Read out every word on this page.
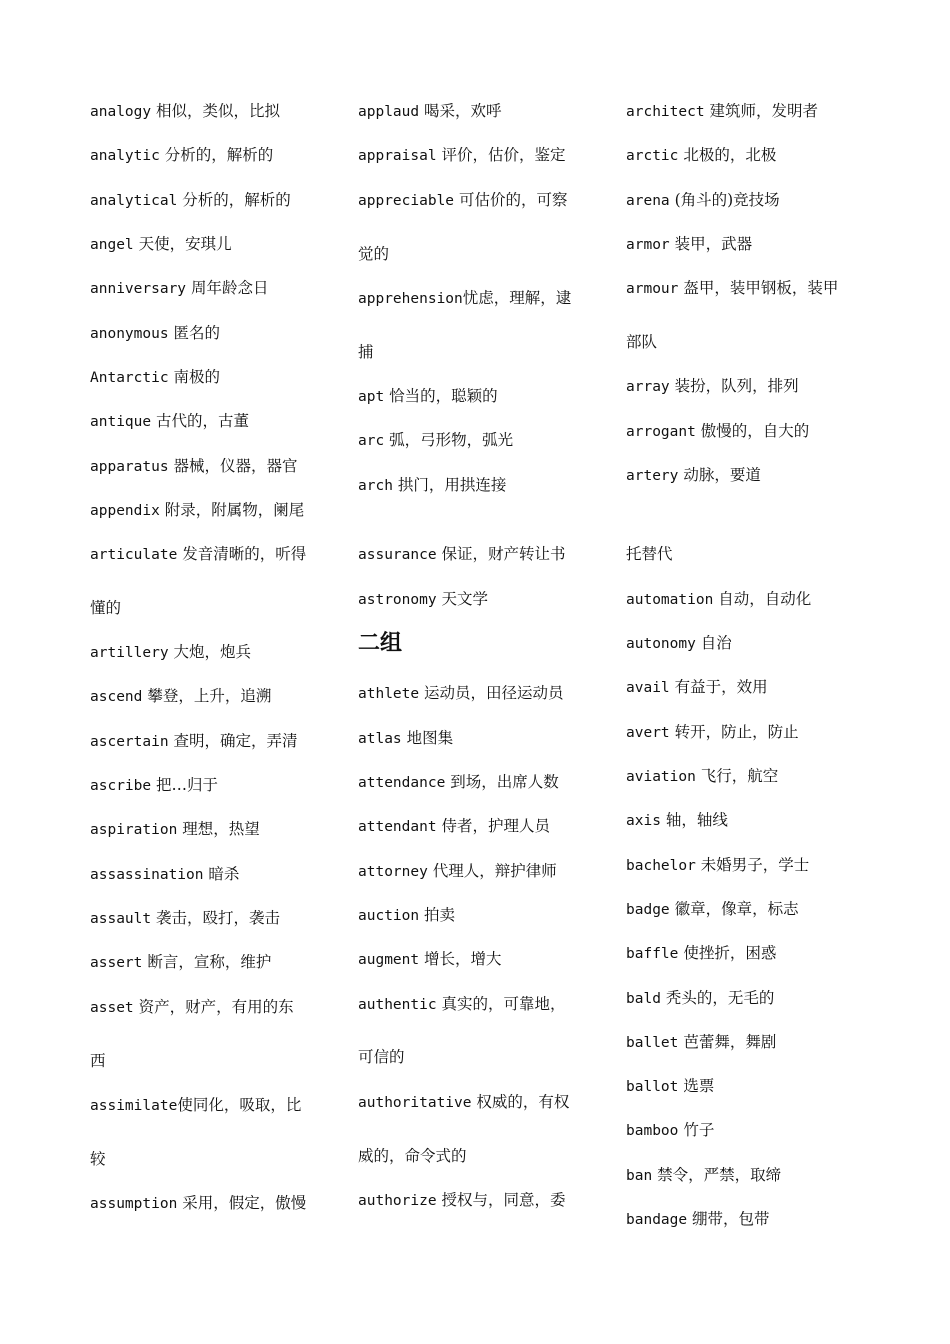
analogy 相似，类似，比拟
analytic 分析的，解析的
analytical 分析的，解析的
angel 天使，安琪儿
anniversary 周年龄念日
anonymous 匿名的
Antarctic 南极的
antique 古代的，古董
apparatus 器械，仪器，器官
appendix 附录，附属物，阑尾
articulate 发音清晰的，听得
懂的
artillery 大炮，炮兵
ascend 攀登，上升，追溯
ascertain 查明，确定，弄清
ascribe 把…归于
aspiration 理想，热望
assassination 暗杀
assault 袭击，殴打，袭击
assert 断言，宣称，维护
asset 资产，财产，有用的东
西
assimilate使同化，吸取，比
较
assumption 采用，假定，傲慢
applaud 喝采，欢呼
appraisal 评价，估价，鉴定
appreciable 可估价的，可察
觉的
apprehension忧虑，理解，逮
捕
apt 恰当的，聪颖的
arc 弧，弓形物，弧光
arch 拱门，用拱连接
assurance 保证，财产转让书
astronomy 天文学
二组
athlete 运动员，田径运动员
atlas 地图集
attendance 到场，出席人数
attendant 侍者，护理人员
attorney 代理人，辩护律师
auction 拍卖
augment 增长，增大
authentic 真实的，可靠地，
可信的
authoritative 权威的，有权
威的，命令式的
authorize 授权与，同意，委
architect 建筑师，发明者
arctic 北极的，北极
arena (角斗的)竞技场
armor 装甲，武器
armour 盔甲，装甲钢板，装甲
部队
array 装扮，队列，排列
arrogant 傲慢的，自大的
artery 动脉，要道
托替代
automation 自动，自动化
autonomy 自治
avail 有益于，效用
avert 转开，防止，防止
aviation 飞行，航空
axis 轴，轴线
bachelor 未婚男子，学士
badge 徽章，像章，标志
baffle 使挫折，困惑
bald 秃头的，无毛的
ballet 芭蕾舞，舞剧
ballot 选票
bamboo 竹子
ban 禁令，严禁，取缔
bandage 绷带，包带
